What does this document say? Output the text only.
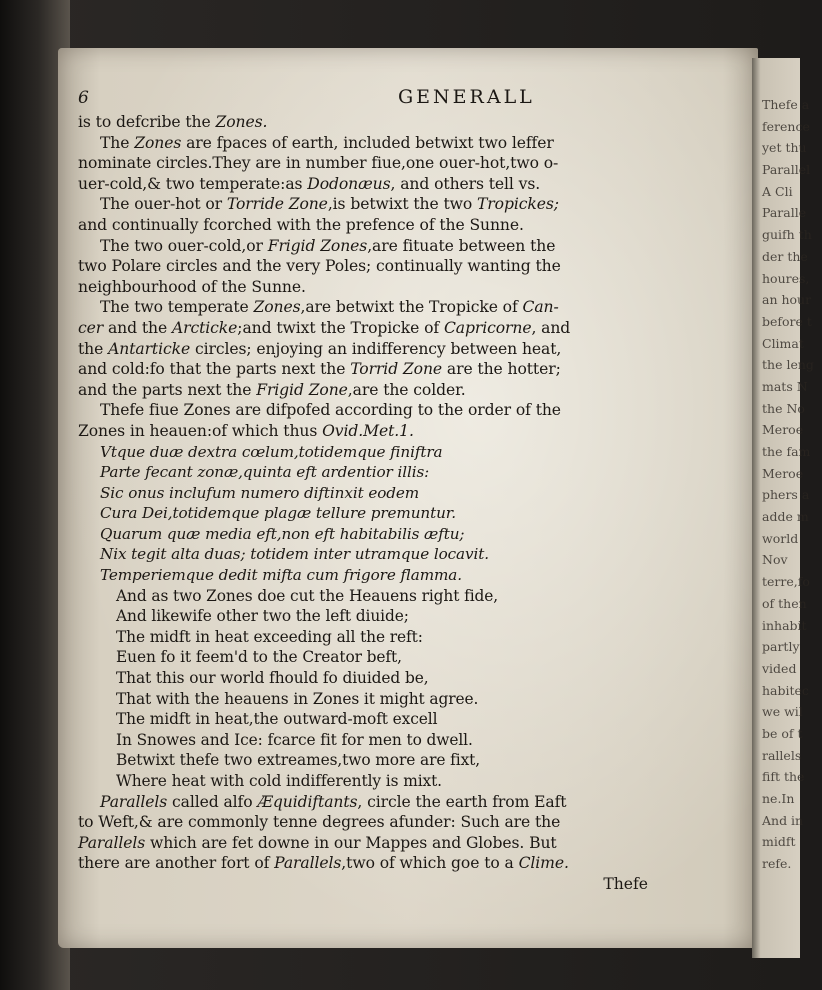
Thefe a
ference
yet thu
Parallel
A Cli
Paralle
guifh th
der the
houres,
an hour
before t
Climat
the leng
mats N
the No
Meroe
the fam
Meroe
phers a
adde m
world
Nov
terre,fo
of then
inhabit
partly
vided
habitec
we wil
be of t
rallels
fift the
ne.In
And in
midft
refe.
6	GENERALL
is to defcribe the Zones.
The Zones are fpaces of earth, included betwixt two leffer
nominate circles.They are in number fiue,one ouer-hot,two o-
uer-cold,& two temperate:as Dodonæus, and others tell vs.
The ouer-hot or Torride Zone,is betwixt the two Tropickes;
and continually fcorched with the prefence of the Sunne.
The two ouer-cold,or Frigid Zones,are fituate between the
two Polare circles and the very Poles; continually wanting the
neighbourhood of the Sunne.
The two temperate Zones,are betwixt the Tropicke of Can-
cer and the Arcticke;and twixt the Tropicke of Capricorne, and
the Antarticke circles; enjoying an indifferency between heat,
and cold:fo that the parts next the Torrid Zone are the hotter;
and the parts next the Frigid Zone,are the colder.
Thefe fiue Zones are difpofed according to the order of the
Zones in heauen:of which thus Ovid.Met.1.
Vtque duæ dextra cœlum,totidemque finiftra
Parte fecant zonæ,quinta eft ardentior illis:
Sic onus inclufum numero diftinxit eodem
Cura Dei,totidemque plagæ tellure premuntur.
Quarum quæ media eft,non eft habitabilis æftu;
Nix tegit alta duas; totidem inter utramque locavit.
Temperiemque dedit mifta cum frigore flamma.
And as two Zones doe cut the Heauens right fide,
And likewife other two the left diuide;
The midft in heat exceeding all the reft:
Euen fo it feem'd to the Creator beft,
That this our world fhould fo diuided be,
That with the heauens in Zones it might agree.
The midft in heat,the outward-moft excell
In Snowes and Ice: fcarce fit for men to dwell.
Betwixt thefe two extreames,two more are fixt,
Where heat with cold indifferently is mixt.
Parallels called alfo Æquidiftants, circle the earth from Eaft
to Weft,& are commonly tenne degrees afunder: Such are the
Parallels which are fet downe in our Mappes and Globes. But
there are another fort of Parallels,two of which goe to a Clime.
Thefe
